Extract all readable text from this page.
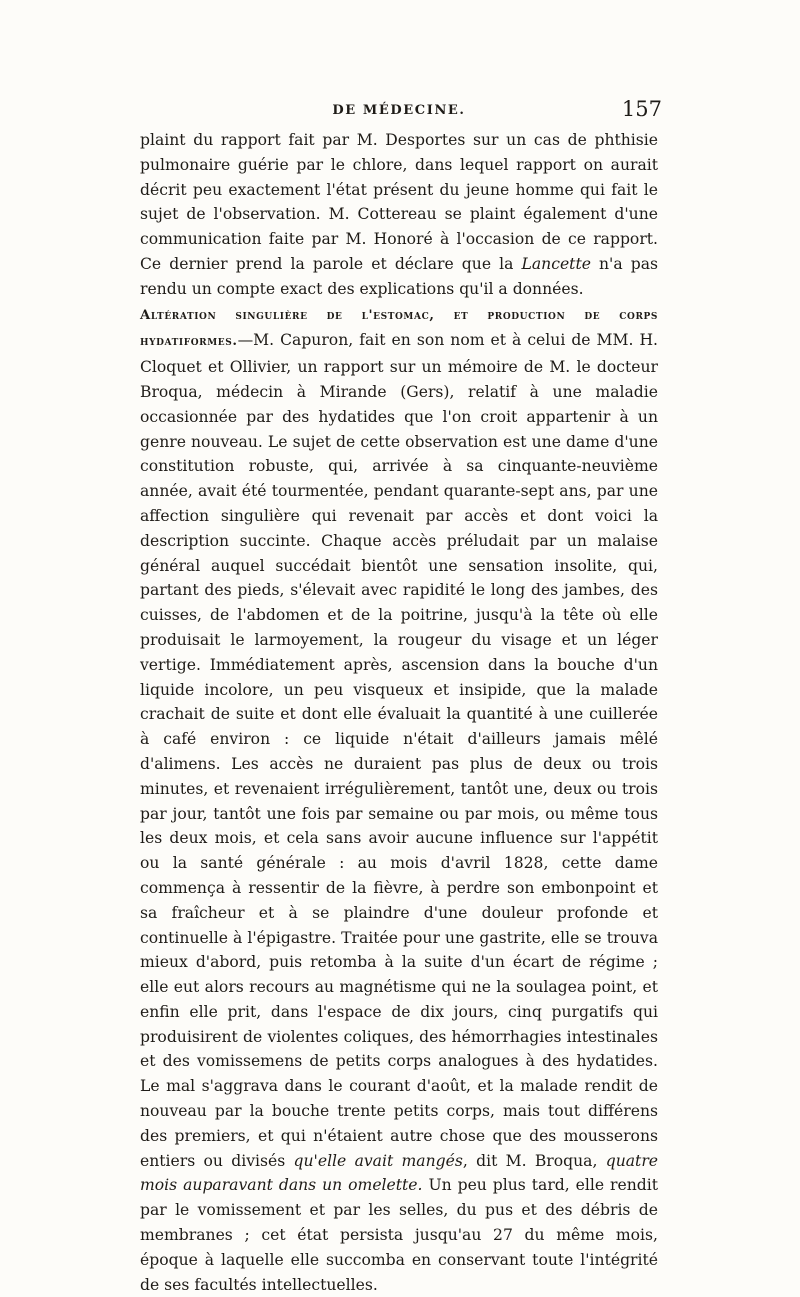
DE MÉDECINE.	157

plaint du rapport fait par M. Desportes sur un cas de phthisie pulmonaire guérie par le chlore, dans lequel rapport on aurait décrit peu exactement l'état présent du jeune homme qui fait le sujet de l'observation. M. Cottereau se plaint également d'une communication faite par M. Honoré à l'occasion de ce rapport. Ce dernier prend la parole et déclare que la Lancette n'a pas rendu un compte exact des explications qu'il a données.

Altération singulière de l'estomac, et production de corps hydatiformes.—M. Capuron, fait en son nom et à celui de MM. H. Cloquet et Ollivier, un rapport sur un mémoire de M. le docteur Broqua, médecin à Mirande (Gers), relatif à une maladie occasionnée par des hydatides que l'on croit appartenir à un genre nouveau. Le sujet de cette observation est une dame d'une constitution robuste, qui, arrivée à sa cinquante-neuvième année, avait été tourmentée, pendant quarante-sept ans, par une affection singulière qui revenait par accès et dont voici la description succinte. Chaque accès préludait par un malaise général auquel succédait bientôt une sensation insolite, qui, partant des pieds, s'élevait avec rapidité le long des jambes, des cuisses, de l'abdomen et de la poitrine, jusqu'à la tête où elle produisait le larmoyement, la rougeur du visage et un léger vertige. Immédiatement après, ascension dans la bouche d'un liquide incolore, un peu visqueux et insipide, que la malade crachait de suite et dont elle évaluait la quantité à une cuillerée à café environ : ce liquide n'était d'ailleurs jamais mêlé d'alimens. Les accès ne duraient pas plus de deux ou trois minutes, et revenaient irrégulièrement, tantôt une, deux ou trois par jour, tantôt une fois par semaine ou par mois, ou même tous les deux mois, et cela sans avoir aucune influence sur l'appétit ou la santé générale : au mois d'avril 1828, cette dame commença à ressentir de la fièvre, à perdre son embonpoint et sa fraîcheur et à se plaindre d'une douleur profonde et continuelle à l'épigastre. Traitée pour une gastrite, elle se trouva mieux d'abord, puis retomba à la suite d'un écart de régime ; elle eut alors recours au magnétisme qui ne la soulagea point, et enfin elle prit, dans l'espace de dix jours, cinq purgatifs qui produisirent de violentes coliques, des hémorrhagies intestinales et des vomissemens de petits corps analogues à des hydatides. Le mal s'aggrava dans le courant d'août, et la malade rendit de nouveau par la bouche trente petits corps, mais tout différens des premiers, et qui n'étaient autre chose que des mousserons entiers ou divisés qu'elle avait mangés, dit M. Broqua, quatre mois auparavant dans un omelette. Un peu plus tard, elle rendit par le vomissement et par les selles, du pus et des débris de membranes ; cet état persista jusqu'au 27 du même mois, époque à laquelle elle succomba en conservant toute l'intégrité de ses facultés intellectuelles.
